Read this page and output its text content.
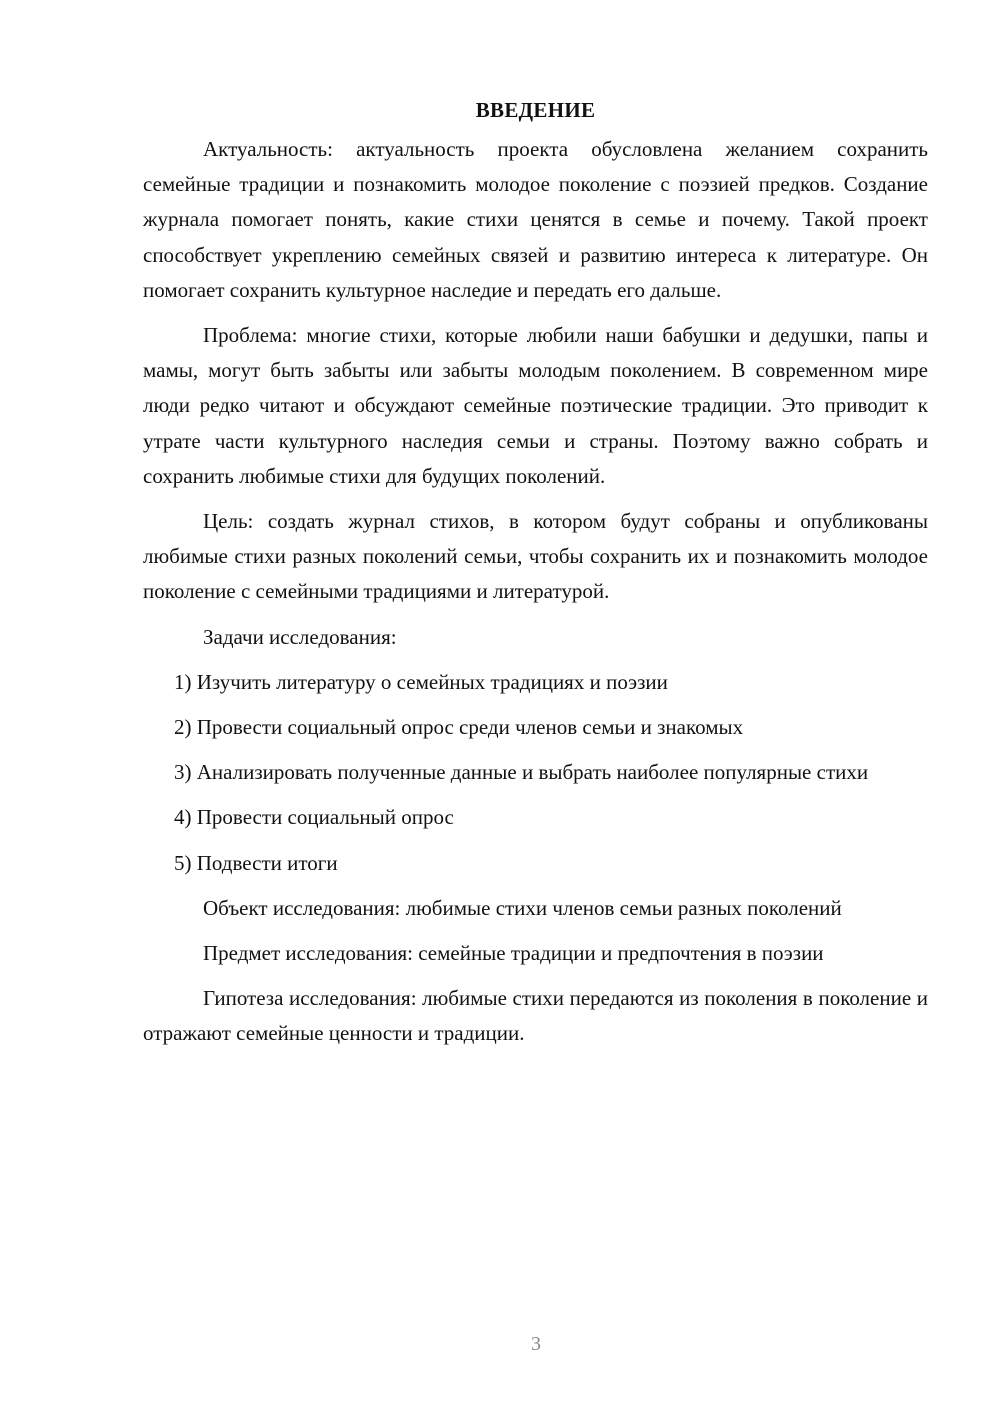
ВВЕДЕНИЕ

Актуальность: актуальность проекта обусловлена желанием сохранить семейные традиции и познакомить молодое поколение с поэзией предков. Создание журнала помогает понять, какие стихи ценятся в семье и почему. Такой проект способствует укреплению семейных связей и развитию интереса к литературе. Он помогает сохранить культурное наследие и передать его дальше.

Проблема: многие стихи, которые любили наши бабушки и дедушки, папы и мамы, могут быть забыты или забыты молодым поколением. В современном мире люди редко читают и обсуждают семейные поэтические традиции. Это приводит к утрате части культурного наследия семьи и страны. Поэтому важно собрать и сохранить любимые стихи для будущих поколений.

Цель: создать журнал стихов, в котором будут собраны и опубликованы любимые стихи разных поколений семьи, чтобы сохранить их и познакомить молодое поколение с семейными традициями и литературой.

Задачи исследования:

1) Изучить литературу о семейных традициях и поэзии

2) Провести социальный опрос среди членов семьи и знакомых

3) Анализировать полученные данные и выбрать наиболее популярные стихи

4) Провести социальный опрос

5) Подвести итоги

Объект исследования: любимые стихи членов семьи разных поколений

Предмет исследования: семейные традиции и предпочтения в поэзии

Гипотеза исследования: любимые стихи передаются из поколения в поколение и отражают семейные ценности и традиции.

3
